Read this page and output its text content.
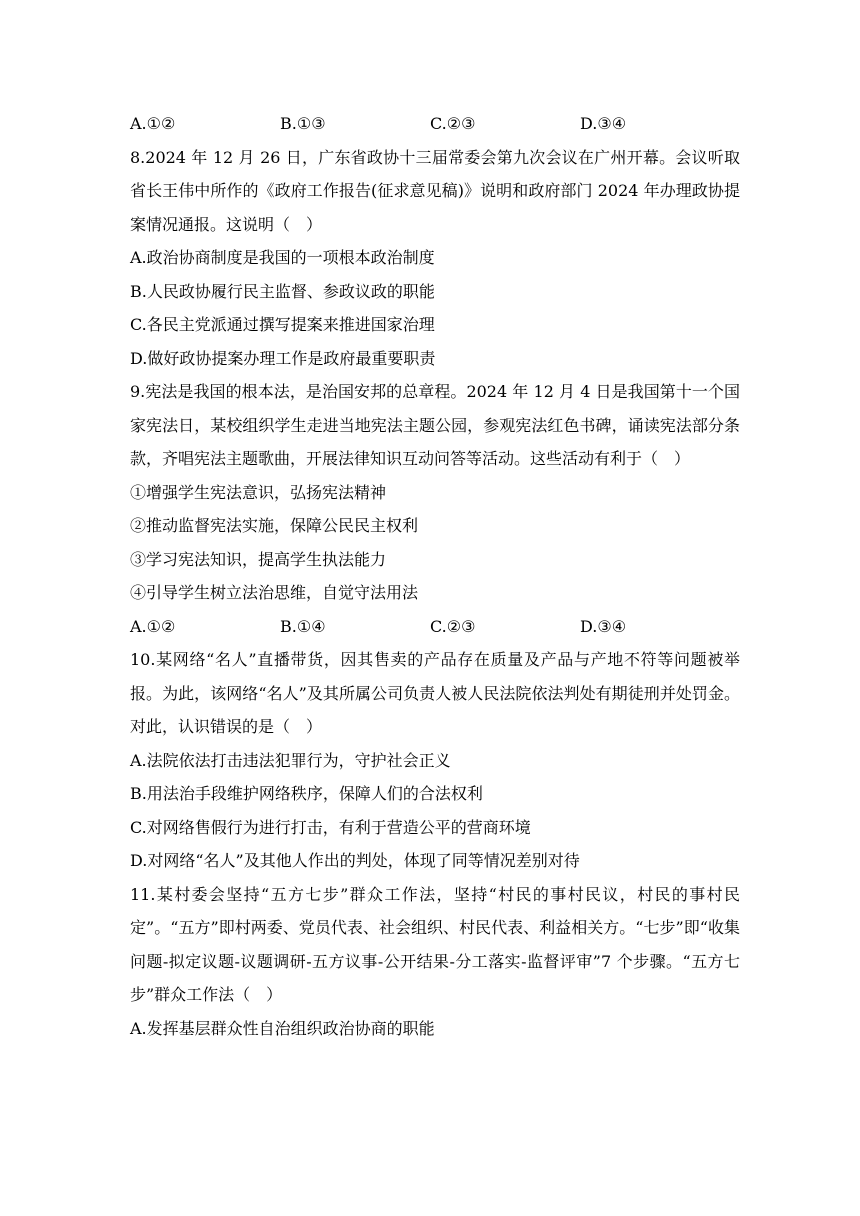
A.①②	B.①③	C.②③	D.③④
8.2024 年 12 月 26 日，广东省政协十三届常委会第九次会议在广州开幕。会议听取省长王伟中所作的《政府工作报告(征求意见稿)》说明和政府部门 2024 年办理政协提案情况通报。这说明（　）
A.政治协商制度是我国的一项根本政治制度
B.人民政协履行民主监督、参政议政的职能
C.各民主党派通过撰写提案来推进国家治理
D.做好政协提案办理工作是政府最重要职责
9.宪法是我国的根本法，是治国安邦的总章程。2024 年 12 月 4 日是我国第十一个国家宪法日，某校组织学生走进当地宪法主题公园，参观宪法红色书碑，诵读宪法部分条款，齐唱宪法主题歌曲，开展法律知识互动问答等活动。这些活动有利于（　）
①增强学生宪法意识，弘扬宪法精神
②推动监督宪法实施，保障公民民主权利
③学习宪法知识，提高学生执法能力
④引导学生树立法治思维，自觉守法用法
A.①②	B.①④	C.②③	D.③④
10.某网络“名人”直播带货，因其售卖的产品存在质量及产品与产地不符等问题被举报。为此，该网络“名人”及其所属公司负责人被人民法院依法判处有期徒刑并处罚金。对此，认识错误的是（　）
A.法院依法打击违法犯罪行为，守护社会正义
B.用法治手段维护网络秩序，保障人们的合法权利
C.对网络售假行为进行打击，有利于营造公平的营商环境
D.对网络“名人”及其他人作出的判处，体现了同等情况差别对待
11.某村委会坚持“五方七步”群众工作法，坚持“村民的事村民议，村民的事村民定”。“五方”即村两委、党员代表、社会组织、村民代表、利益相关方。“七步”即“收集问题-拟定议题-议题调研-五方议事-公开结果-分工落实-监督评审”7 个步骤。“五方七步”群众工作法（　）
A.发挥基层群众性自治组织政治协商的职能
